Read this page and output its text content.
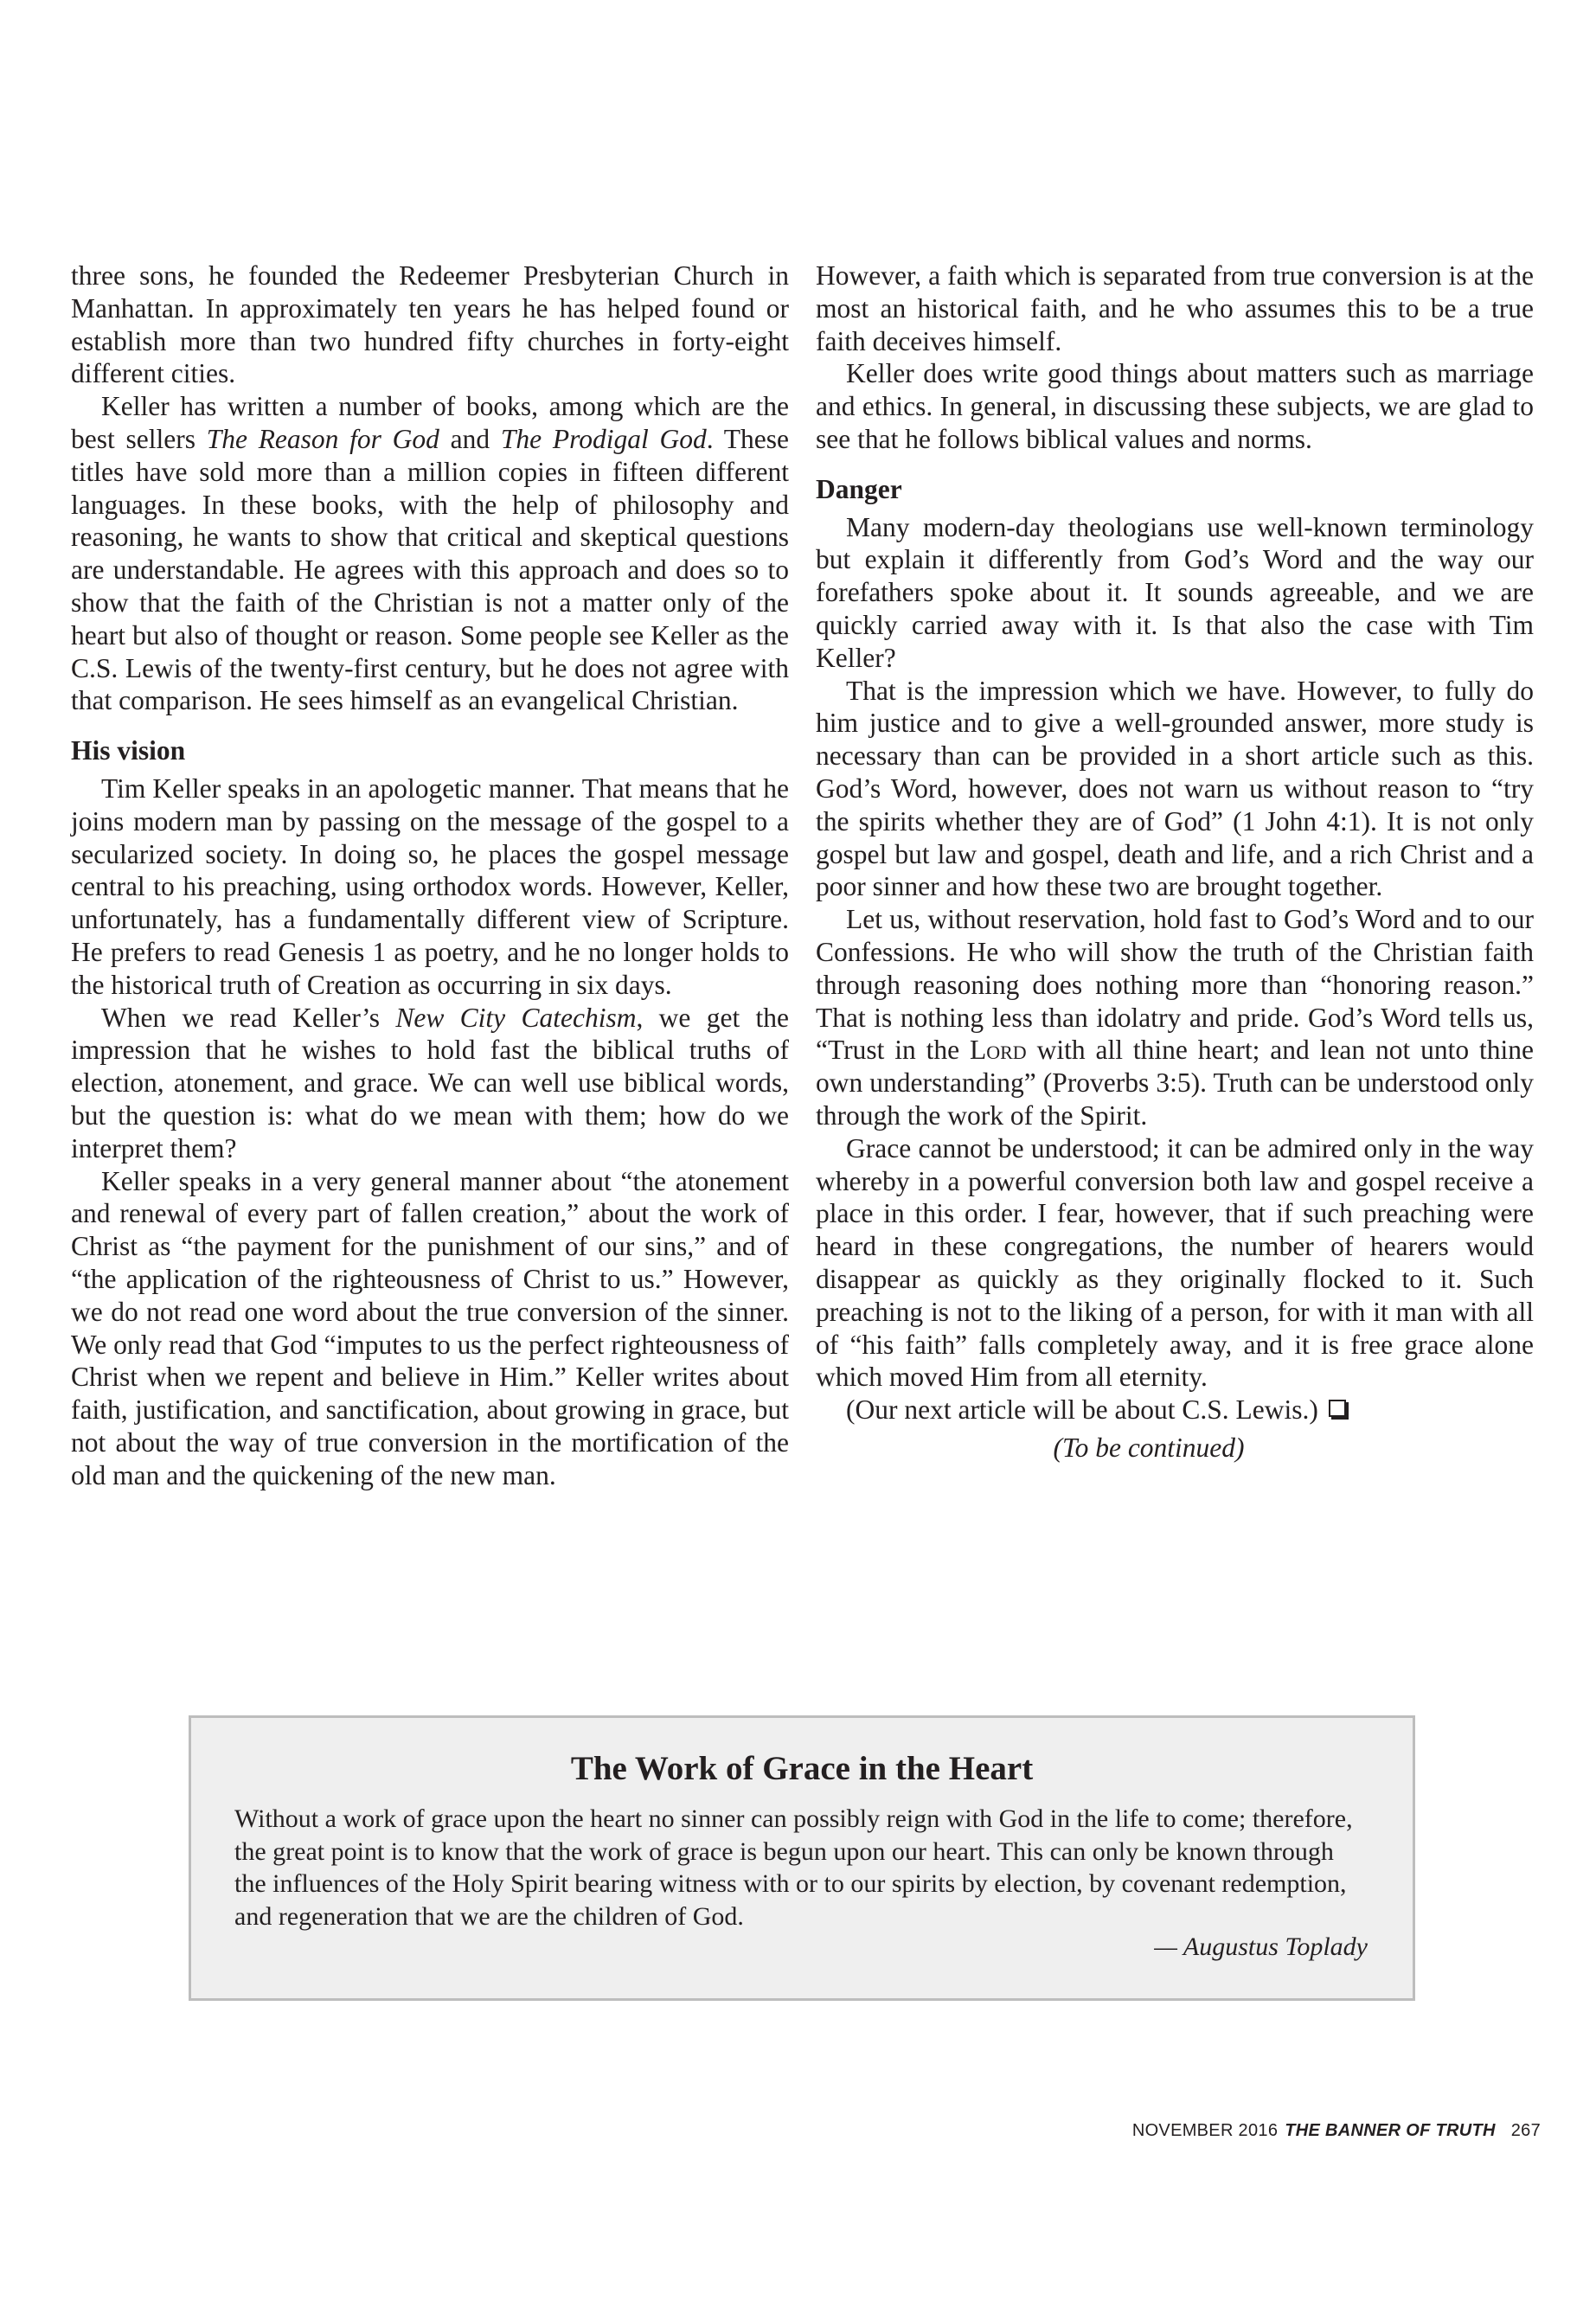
three sons, he founded the Redeemer Presbyterian Church in Manhattan. In approximately ten years he has helped found or establish more than two hundred fifty churches in forty-eight different cities.

Keller has written a number of books, among which are the best sellers The Reason for God and The Prodigal God. These titles have sold more than a million copies in fifteen different languages. In these books, with the help of philosophy and reasoning, he wants to show that critical and skeptical questions are understandable. He agrees with this approach and does so to show that the faith of the Christian is not a matter only of the heart but also of thought or reason. Some people see Keller as the C.S. Lewis of the twenty-first century, but he does not agree with that comparison. He sees himself as an evangelical Christian.

His vision

Tim Keller speaks in an apologetic manner. That means that he joins modern man by passing on the message of the gospel to a secularized society. In doing so, he places the gospel message central to his preaching, using orthodox words. However, Keller, unfortunately, has a fundamentally different view of Scripture. He prefers to read Genesis 1 as poetry, and he no longer holds to the historical truth of Creation as occurring in six days.

When we read Keller’s New City Catechism, we get the impression that he wishes to hold fast the biblical truths of election, atonement, and grace. We can well use biblical words, but the question is: what do we mean with them; how do we interpret them?

Keller speaks in a very general manner about “the atonement and renewal of every part of fallen creation,” about the work of Christ as “the payment for the punishment of our sins,” and of “the application of the righteousness of Christ to us.” However, we do not read one word about the true conversion of the sinner. We only read that God “imputes to us the perfect righteousness of Christ when we repent and believe in Him.” Keller writes about faith, justification, and sanctification, about growing in grace, but not about the way of true conversion in the mortification of the old man and the quickening of the new man.

However, a faith which is separated from true conversion is at the most an historical faith, and he who assumes this to be a true faith deceives himself.

Keller does write good things about matters such as marriage and ethics. In general, in discussing these subjects, we are glad to see that he follows biblical values and norms.

Danger

Many modern-day theologians use well-known terminology but explain it differently from God’s Word and the way our forefathers spoke about it. It sounds agreeable, and we are quickly carried away with it. Is that also the case with Tim Keller?

That is the impression which we have. However, to fully do him justice and to give a well-grounded answer, more study is necessary than can be provided in a short article such as this. God’s Word, however, does not warn us without reason to “try the spirits whether they are of God” (1 John 4:1). It is not only gospel but law and gospel, death and life, and a rich Christ and a poor sinner and how these two are brought together.

Let us, without reservation, hold fast to God’s Word and to our Confessions. He who will show the truth of the Christian faith through reasoning does nothing more than “honoring reason.” That is nothing less than idolatry and pride. God’s Word tells us, “Trust in the Lord with all thine heart; and lean not unto thine own understanding” (Proverbs 3:5). Truth can be understood only through the work of the Spirit.

Grace cannot be understood; it can be admired only in the way whereby in a powerful conversion both law and gospel receive a place in this order. I fear, however, that if such preaching were heard in these congregations, the number of hearers would disappear as quickly as they originally flocked to it. Such preaching is not to the liking of a person, for with it man with all of “his faith” falls completely away, and it is free grace alone which moved Him from all eternity.

(Our next article will be about C.S. Lewis.)

(To be continued)
The Work of Grace in the Heart
Without a work of grace upon the heart no sinner can possibly reign with God in the life to come; therefore, the great point is to know that the work of grace is begun upon our heart. This can only be known through the influences of the Holy Spirit bearing witness with or to our spirits by election, by covenant redemption, and regeneration that we are the children of God.
— Augustus Toplady
NOVEMBER 2016 THE BANNER OF TRUTH 267
